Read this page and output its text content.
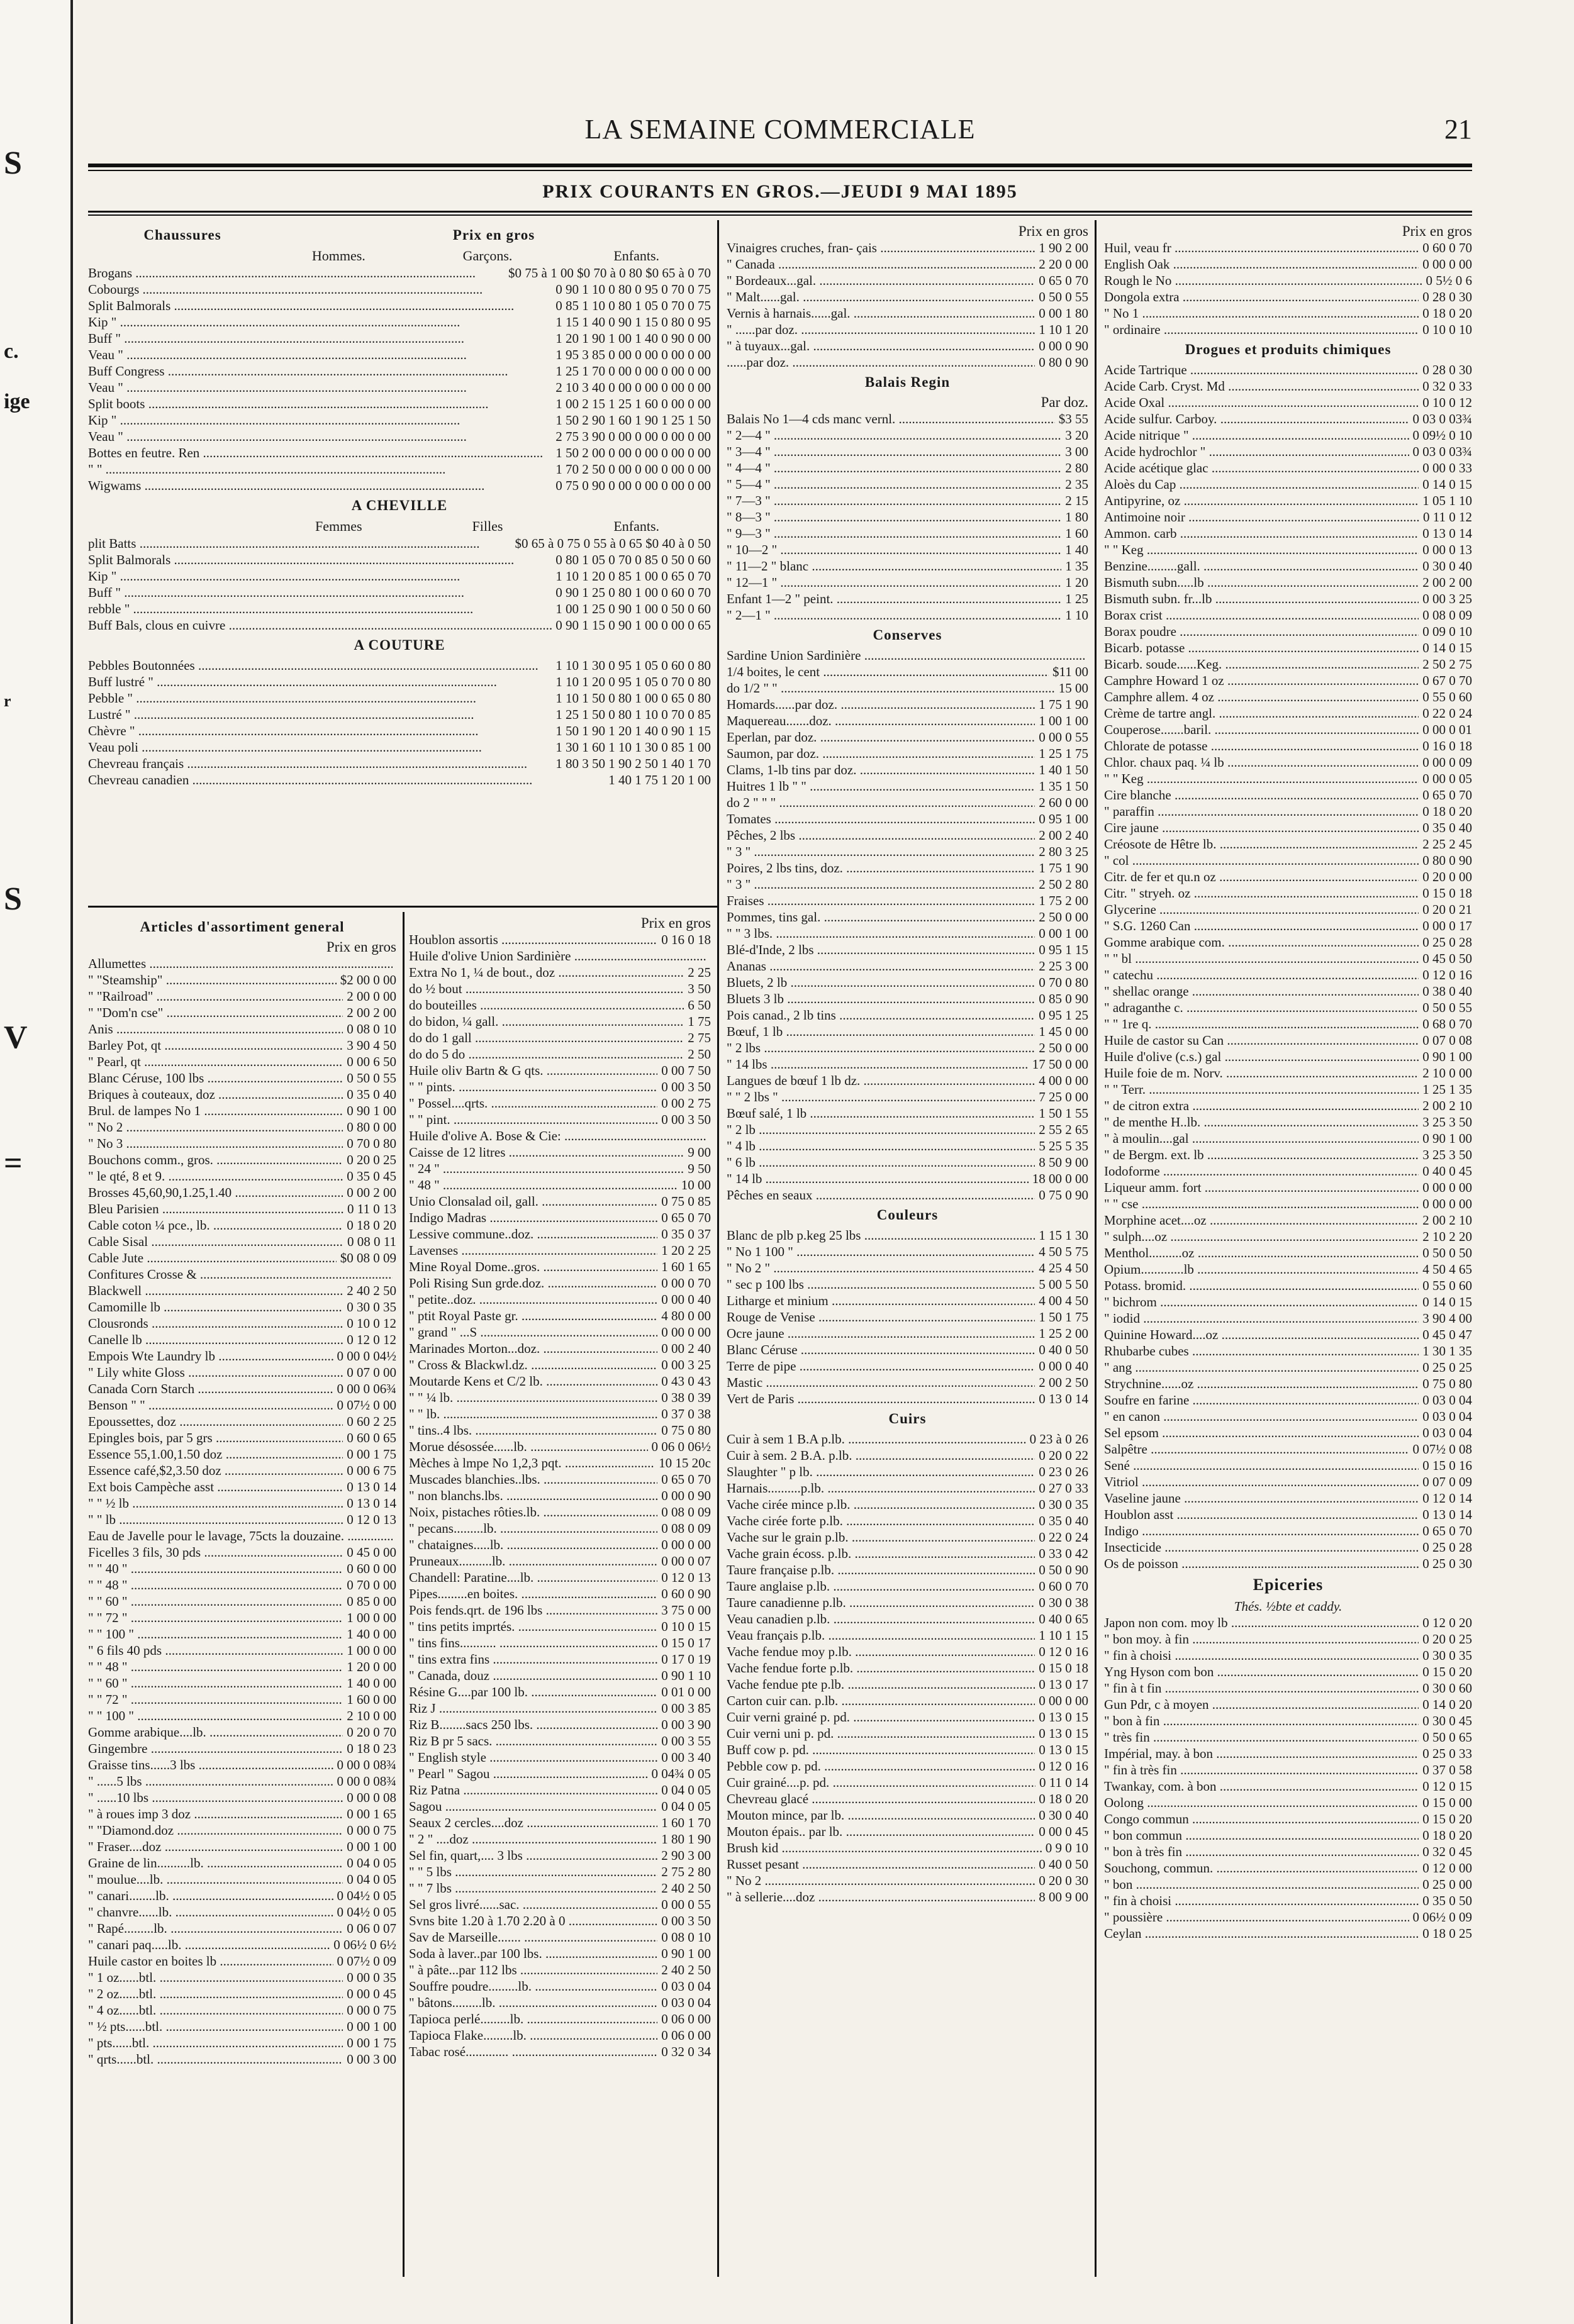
S
c.
ige
r
S
V
=
LA SEMAINE COMMERCIALE	21
PRIX COURANTS EN GROS.—JEUDI 9 MAI 1895
Chaussures	Prix en gros
Hommes.	Garçons.	Enfants.
Brogans .....	$0 75 à 1 00 $0 70 à 0 80 $0 65 à 0 70
Cobourgs .....	0 90 1 10 0 80 0 95 0 70 0 75
Split Balmorals .....	0 85 1 10 0 80 1 05 0 70 0 75
Kip " .....	1 15 1 40 0 90 1 15 0 80 0 95
Buff " .....	1 20 1 90 1 00 1 40 0 90 0 00
Veau " .....	1 95 3 85 0 00 0 00 0 00 0 00
Buff Congress .....	1 25 1 70 0 00 0 00 0 00 0 00
Veau " .....	2 10 3 40 0 00 0 00 0 00 0 00
Split boots .....	1 00 2 15 1 25 1 60 0 00 0 00
Kip " .....	1 50 2 90 1 60 1 90 1 25 1 50
Veau " .....	2 75 3 90 0 00 0 00 0 00 0 00
Bottes en feutre. Ren .....	1 50 2 00 0 00 0 00 0 00 0 00
" " .....	1 70 2 50 0 00 0 00 0 00 0 00
Wigwams .....	0 75 0 90 0 00 0 00 0 00 0 00
A CHEVILLE
Femmes	Filles	Enfants.
plit Batts .....	$0 65 à 0 75 0 55 à 0 65 $0 40 à 0 50
Split Balmorals .....	0 80 1 05 0 70 0 85 0 50 0 60
Kip " .....	1 10 1 20 0 85 1 00 0 65 0 70
Buff " .....	0 90 1 25 0 80 1 00 0 60 0 70
rebble " .....	1 00 1 25 0 90 1 00 0 50 0 60
Buff Bals, clous en cuivre .....	0 90 1 15 0 90 1 00 0 00 0 65
A COUTURE
Pebbles Boutonnées .....	1 10 1 30 0 95 1 05 0 60 0 80
Buff lustré " .....	1 10 1 20 0 95 1 05 0 70 0 80
Pebble " .....	1 10 1 50 0 80 1 00 0 65 0 80
Lustré " .....	1 25 1 50 0 80 1 10 0 70 0 85
Chèvre " .....	1 50 1 90 1 20 1 40 0 90 1 15
Veau poli .....	1 30 1 60 1 10 1 30 0 85 1 00
Chevreau français .....	1 80 3 50 1 90 2 50 1 40 1 70
Chevreau canadien .....	1 40 1 75 1 20 1 00
Prix en gros
Vinaigres cruches, fran- çais .....	1 90 2 00
" Canada .....	2 20 0 00
" Bordeaux...gal. .....	0 65 0 70
" Malt......gal. .....	0 50 0 55
Vernis à harnais......gal. .....	0 00 1 80
" ......par doz. .....	1 10 1 20
" à tuyaux...gal. .....	0 00 0 90
......par doz. .....	0 80 0 90
Balais Regin
Par doz.
Balais No 1—4 cds manc vernl. .....	$3 55
" 2—4 " .....	3 20
" 3—4 " .....	3 00
" 4—4 " .....	2 80
" 5—4 " .....	2 35
" 7—3 " .....	2 15
" 8—3 " .....	1 80
" 9—3 " .....	1 60
" 10—2 " .....	1 40
" 11—2 " blanc .....	1 35
" 12—1 " .....	1 20
Enfant 1—2 " peint. .....	1 25
" 2—1 " .....	1 10
Conserves
Sardine Union Sardinière .....
1/4 boites, le cent .....	$11 00
do 1/2 " " .....	15 00
Homards......par doz. .....	1 75 1 90
Maquereau.......doz. .....	1 00 1 00
Eperlan, par doz. .....	0 00 0 55
Saumon, par doz. .....	1 25 1 75
Clams, 1-lb tins par doz. .....	1 40 1 50
Huitres 1 lb " " .....	1 35 1 50
do 2 " " " .....	2 60 0 00
Tomates .....	0 95 1 00
Pêches, 2 lbs .....	2 00 2 40
" 3 " .....	2 80 3 25
Poires, 2 lbs tins, doz. .....	1 75 1 90
" 3 " .....	2 50 2 80
Fraises .....	1 75 2 00
Pommes, tins gal. .....	2 50 0 00
" " 3 lbs. .....	0 00 1 00
Blé-d'Inde, 2 lbs .....	0 95 1 15
Ananas .....	2 25 3 00
Bluets, 2 lb .....	0 70 0 80
Bluets 3 lb .....	0 85 0 90
Pois canad., 2 lb tins .....	0 95 1 25
Bœuf, 1 lb .....	1 45 0 00
" 2 lbs .....	2 50 0 00
" 14 lbs .....	17 50 0 00
Langues de bœuf 1 lb dz. .....	4 00 0 00
" " 2 lbs " .....	7 25 0 00
Bœuf salé, 1 lb .....	1 50 1 55
" 2 lb .....	2 55 2 65
" 4 lb .....	5 25 5 35
" 6 lb .....	8 50 9 00
" 14 lb .....	18 00 0 00
Pêches en seaux .....	0 75 0 90
Couleurs
Blanc de plb p.keg 25 lbs .....	1 15 1 30
" No 1 100 " .....	4 50 5 75
" No 2 " .....	4 25 4 50
" sec p 100 lbs .....	5 00 5 50
Litharge et minium .....	4 00 4 50
Rouge de Venise .....	1 50 1 75
Ocre jaune .....	1 25 2 00
Blanc Céruse .....	0 40 0 50
Terre de pipe .....	0 00 0 40
Mastic .....	2 00 2 50
Vert de Paris .....	0 13 0 14
Cuirs
Cuir à sem 1 B.A p.lb. .....	0 23 à 0 26
Cuir à sem. 2 B.A. p.lb. .....	0 20 0 22
Slaughter " p lb. .....	0 23 0 26
Harnais..........p.lb. .....	0 27 0 33
Vache cirée mince p.lb. .....	0 30 0 35
Vache cirée forte p.lb. .....	0 35 0 40
Vache sur le grain p.lb. .....	0 22 0 24
Vache grain écoss. p.lb. .....	0 33 0 42
Taure française p.lb. .....	0 50 0 90
Taure anglaise p.lb. .....	0 60 0 70
Taure canadienne p.lb. .....	0 30 0 38
Veau canadien p.lb. .....	0 40 0 65
Veau français p.lb. .....	1 10 1 15
Vache fendue moy p.lb. .....	0 12 0 16
Vache fendue forte p.lb. .....	0 15 0 18
Vache fendue pte p.lb. .....	0 13 0 17
Carton cuir can. p.lb. .....	0 00 0 00
Cuir verni grainé p. pd. .....	0 13 0 15
Cuir verni uni p. pd. .....	0 13 0 15
Buff cow p. pd. .....	0 13 0 15
Pebble cow p. pd. .....	0 12 0 16
Cuir grainé....p. pd. .....	0 11 0 14
Chevreau glacé .....	0 18 0 20
Mouton mince, par lb. .....	0 30 0 40
Mouton épais.. par lb. .....	0 00 0 45
Brush kid .....	0 9 0 10
Russet pesant .....	0 40 0 50
" No 2 .....	0 20 0 30
" à sellerie....doz .....	8 00 9 00
Prix en gros
Huil, veau fr .....	0 60 0 70
English Oak .....	0 00 0 00
Rough le No .....	0 5½ 0 6
Dongola extra .....	0 28 0 30
" No 1 .....	0 18 0 20
" ordinaire .....	0 10 0 10
Drogues et produits chimiques
Acide Tartrique .....	0 28 0 30
Acide Carb. Cryst. Md .....	0 32 0 33
Acide Oxal .....	0 10 0 12
Acide sulfur. Carboy. .....	0 03 0 03¾
Acide nitrique " .....	0 09½ 0 10
Acide hydrochlor " .....	0 03 0 03¾
Acide acétique glac .....	0 00 0 33
Aloès du Cap .....	0 14 0 15
Antipyrine, oz .....	1 05 1 10
Antimoine noir .....	0 11 0 12
Ammon. carb .....	0 13 0 14
" " Keg .....	0 00 0 13
Benzine.........gall. .....	0 30 0 40
Bismuth subn.....lb .....	2 00 2 00
Bismuth subn. fr...lb .....	0 00 3 25
Borax crist .....	0 08 0 09
Borax poudre .....	0 09 0 10
Bicarb. potasse .....	0 14 0 15
Bicarb. soude......Keg. .....	2 50 2 75
Camphre Howard 1 oz .....	0 67 0 70
Camphre allem. 4 oz .....	0 55 0 60
Crème de tartre angl. .....	0 22 0 24
Couperose.......baril. .....	0 00 0 01
Chlorate de potasse .....	0 16 0 18
Chlor. chaux paq. ¼ lb .....	0 00 0 09
" " Keg .....	0 00 0 05
Cire blanche .....	0 65 0 70
" paraffin .....	0 18 0 20
Cire jaune .....	0 35 0 40
Créosote de Hêtre lb. .....	2 25 2 45
" col .....	0 80 0 90
Citr. de fer et qu.n oz .....	0 20 0 00
Citr. " stryeh. oz .....	0 15 0 18
Glycerine .....	0 20 0 21
" S.G. 1260 Can .....	0 00 0 17
Gomme arabique com. .....	0 25 0 28
" " bl .....	0 45 0 50
" catechu .....	0 12 0 16
" shellac orange .....	0 38 0 40
" adraganthe c. .....	0 50 0 55
" " 1re q. .....	0 68 0 70
Huile de castor su Can .....	0 07 0 08
Huile d'olive (c.s.) gal .....	0 90 1 00
Huile foie de m. Norv. .....	2 10 0 00
" " Terr. .....	1 25 1 35
" de citron extra .....	2 00 2 10
" de menthe H..lb. .....	3 25 3 50
" à moulin....gal .....	0 90 1 00
" de Bergm. ext. lb .....	3 25 3 50
Iodoforme .....	0 40 0 45
Liqueur amm. fort .....	0 00 0 00
" " cse .....	0 00 0 00
Morphine acet....oz .....	2 00 2 10
" sulph....oz .....	2 10 2 20
Menthol..........oz .....	0 50 0 50
Opium.............lb .....	4 50 4 65
Potass. bromid. .....	0 55 0 60
" bichrom .....	0 14 0 15
" iodid .....	3 90 4 00
Quinine Howard....oz .....	0 45 0 47
Rhubarbe cubes .....	1 30 1 35
" ang .....	0 25 0 25
Strychnine......oz .....	0 75 0 80
Soufre en farine .....	0 03 0 04
" en canon .....	0 03 0 04
Sel epsom .....	0 03 0 04
Salpêtre .....	0 07½ 0 08
Sené .....	0 15 0 16
Vitriol .....	0 07 0 09
Vaseline jaune .....	0 12 0 14
Houblon asst .....	0 13 0 14
Indigo .....	0 65 0 70
Insecticide .....	0 25 0 28
Os de poisson .....	0 25 0 30
Epiceries
Thés. ½bte et caddy.
Japon non com. moy lb .....	0 12 0 20
" bon moy. à fin .....	0 20 0 25
" fin à choisi .....	0 30 0 35
Yng Hyson com bon .....	0 15 0 20
" fin à t fin .....	0 30 0 60
Gun Pdr, c à moyen .....	0 14 0 20
" bon à fin .....	0 30 0 45
" très fin .....	0 50 0 65
Impérial, may. à bon .....	0 25 0 33
" fin à très fin .....	0 37 0 58
Twankay, com. à bon .....	0 12 0 15
Oolong .....	0 15 0 00
Congo commun .....	0 15 0 20
" bon commun .....	0 18 0 20
" bon à très fin .....	0 32 0 45
Souchong, commun. .....	0 12 0 00
" bon .....	0 25 0 00
" fin à choisi .....	0 35 0 50
" poussière .....	0 06½ 0 09
Ceylan .....	0 18 0 25
Articles d'assortiment general
Prix en gros
Allumettes .....
" "Steamship" .....	$2 00 0 00
" "Railroad" .....	2 00 0 00
" "Dom'n cse" .....	2 00 2 00
Anis .....	0 08 0 10
Barley Pot, qt .....	3 90 4 50
" Pearl, qt .....	0 00 6 50
Blanc Céruse, 100 lbs .....	0 50 0 55
Briques à couteaux, doz .....	0 35 0 40
Brul. de lampes No 1 .....	0 90 1 00
" No 2 .....	0 80 0 00
" No 3 .....	0 70 0 80
Bouchons comm., gros. .....	0 20 0 25
" le qté, 8 et 9. .....	0 35 0 45
Brosses 45,60,90,1.25,1.40 .....	0 00 2 00
Bleu Parisien .....	0 11 0 13
Cable coton ¼ pce., lb. .....	0 18 0 20
Cable Sisal .....	0 08 0 11
Cable Jute .....	$0 08 0 09
Confitures Crosse & .....
Blackwell .....	2 40 2 50
Camomille lb .....	0 30 0 35
Clousronds .....	0 10 0 12
Canelle lb .....	0 12 0 12
Empois Wte Laundry lb .....	0 00 0 04½
" Lily white Gloss .....	0 07 0 00
Canada Corn Starch .....	0 00 0 06¾
Benson " " .....	0 07½ 0 00
Epoussettes, doz .....	0 60 2 25
Epingles bois, par 5 grs .....	0 60 0 65
Essence 55,1.00,1.50 doz .....	0 00 1 75
Essence café,$2,3.50 doz .....	0 00 6 75
Ext bois Campèche asst .....	0 13 0 14
" " ½ lb .....	0 13 0 14
" " lb .....	0 12 0 13
Eau de Javelle pour le lavage, 75cts la douzaine. .....
Ficelles 3 fils, 30 pds .....	0 45 0 00
" " 40 " .....	0 60 0 00
" " 48 " .....	0 70 0 00
" " 60 " .....	0 85 0 00
" " 72 " .....	1 00 0 00
" " 100 " .....	1 40 0 00
" 6 fils 40 pds .....	1 00 0 00
" " 48 " .....	1 20 0 00
" " 60 " .....	1 40 0 00
" " 72 " .....	1 60 0 00
" " 100 " .....	2 10 0 00
Gomme arabique....lb. .....	0 20 0 70
Gingembre .....	0 18 0 23
Graisse tins......3 lbs .....	0 00 0 08¾
" ......5 lbs .....	0 00 0 08¾
" ......10 lbs .....	0 00 0 08
" à roues imp 3 doz .....	0 00 1 65
" "Diamond.doz .....	0 00 0 75
" Fraser....doz .....	0 00 1 00
Graine de lin..........lb. .....	0 04 0 05
" moulue....lb. .....	0 04 0 05
" canari........lb. .....	0 04½ 0 05
" chanvre......lb. .....	0 04½ 0 05
" Rapé.........lb. .....	0 06 0 07
" canari paq.....lb. .....	0 06½ 0 6½
Huile castor en boites lb .....	0 07½ 0 09
" 1 oz......btl. .....	0 00 0 35
" 2 oz......btl. .....	0 00 0 45
" 4 oz......btl. .....	0 00 0 75
" ½ pts......btl. .....	0 00 1 00
" pts......btl. .....	0 00 1 75
" qrts......btl. .....	0 00 3 00
Prix en gros
Houblon assortis .....	0 16 0 18
Huile d'olive Union Sardinière .....
Extra No 1, ¼ de bout., doz .....	2 25
do ½ bout .....	3 50
do bouteilles .....	6 50
do bidon, ¼ gall. .....	1 75
do do 1 gall .....	2 75
do do 5 do .....	2 50
Huile oliv Bartn & G qts. .....	0 00 7 50
" " pints. .....	0 00 3 50
" Possel....qrts. .....	0 00 2 75
" " pint. .....	0 00 3 50
Huile d'olive A. Bose & Cie: .....
Caisse de 12 litres .....	9 00
" 24 " .....	9 50
" 48 " .....	10 00
Unio Clonsalad oil, gall. .....	0 75 0 85
Indigo Madras .....	0 65 0 70
Lessive commune..doz. .....	0 35 0 37
Lavenses .....	1 20 2 25
Mine Royal Dome..gros. .....	1 60 1 65
Poli Rising Sun grde.doz. .....	0 00 0 70
" petite..doz. .....	0 00 0 40
" ptit Royal Paste gr. .....	4 80 0 00
" grand " ...S .....	0 00 0 00
Marinades Morton...doz. .....	0 00 2 40
" Cross & Blackwl.dz. .....	0 00 3 25
Moutarde Kens et C/2 lb. .....	0 43 0 43
" " ¼ lb. .....	0 38 0 39
" " lb. .....	0 37 0 38
" tins..4 lbs. .....	0 75 0 80
Morue désossée......lb. .....	0 06 0 06½
Mèches à lmpe No 1,2,3 pqt. .....	10 15 20c
Muscades blanchies..lbs. .....	0 65 0 70
" non blanchs.lbs. .....	0 00 0 90
Noix, pistaches rôties.lb. .....	0 08 0 09
" pecans.........lb. .....	0 08 0 09
" chataignes.....lb. .....	0 00 0 00
Pruneaux..........lb. .....	0 00 0 07
Chandell: Paratine....lb. .....	0 12 0 13
Pipes.........en boites. .....	0 60 0 90
Pois fends.qrt. de 196 lbs .....	3 75 0 00
" tins petits imprtés. .....	0 10 0 15
" tins fins........... .....	0 15 0 17
" tins extra fins .....	0 17 0 19
" Canada, douz .....	0 90 1 10
Résine G....par 100 lb. .....	0 01 0 00
Riz J .....	0 00 3 85
Riz B........sacs 250 lbs. .....	0 00 3 90
Riz B pr 5 sacs. .....	0 00 3 55
" English style .....	0 00 3 40
" Pearl " Sagou .....	0 04¾ 0 05
Riz Patna .....	0 04 0 05
Sagou .....	0 04 0 05
Seaux 2 cercles....doz .....	1 60 1 70
" 2 " ....doz .....	1 80 1 90
Sel fin, quart,.... 3 lbs .....	2 90 3 00
" " 5 lbs .....	2 75 2 80
" " 7 lbs .....	2 40 2 50
Sel gros livré......sac. .....	0 00 0 55
Svns bite 1.20 à 1.70 2.20 à 0 .....	0 00 3 50
Sav de Marseille....... .....	0 08 0 10
Soda à laver..par 100 lbs. .....	0 90 1 00
" à pâte...par 112 lbs .....	2 40 2 50
Souffre poudre.........lb. .....	0 03 0 04
" bâtons.........lb. .....	0 03 0 04
Tapioca perlé.........lb. .....	0 06 0 00
Tapioca Flake.........lb. .....	0 06 0 00
Tabac rosé............. .....	0 32 0 34
